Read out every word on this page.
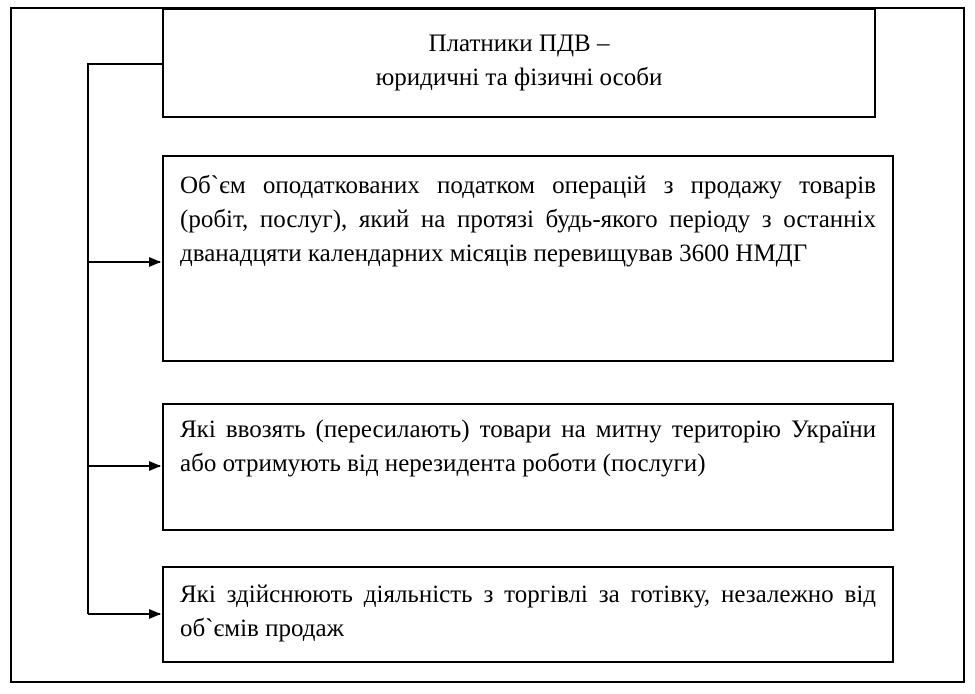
Платники ПДВ –
юридичні та фізичні особи
Об`єм оподаткованих податком операцій з продажу товарів (робіт, послуг), який на протязі будь-якого періоду з останніх дванадцяти календарних місяців перевищував 3600 НМДГ
Які ввозять (пересилають) товари на митну територію України або отримують від нерезидента роботи (послуги)
Які здійснюють діяльність з торгівлі за готівку, незалежно від об`ємів продаж
